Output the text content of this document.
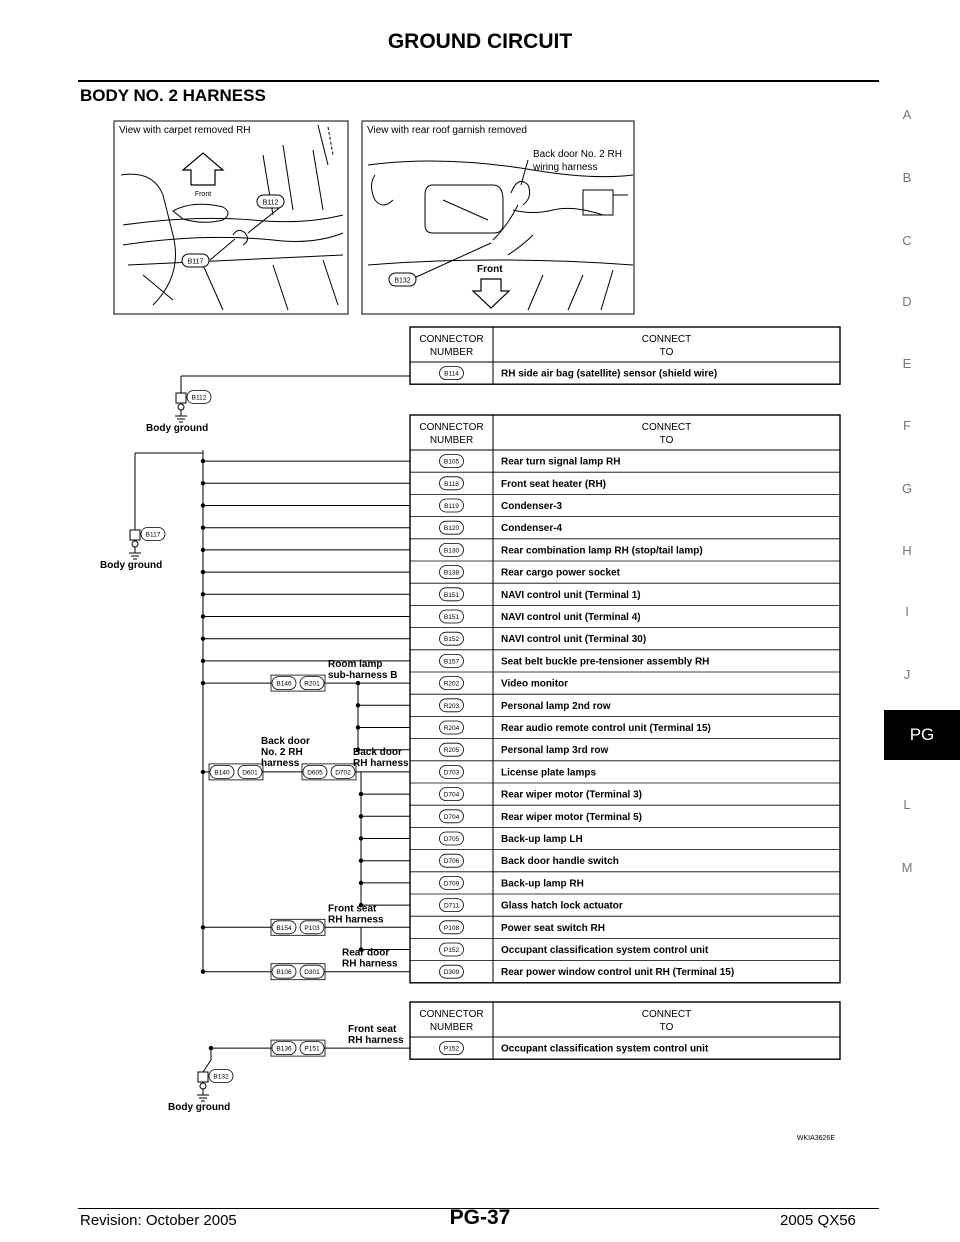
GROUND CIRCUIT
BODY NO. 2 HARNESS
A
B
C
D
E
F
G
H
I
J
L
M
View with carpet removed RH
Front
B112
B117
View with rear roof garnish removed
Back door No. 2 RH
wiring harness
Front
B132
CONNECTOR
NUMBER
CONNECT
TO
B114	RH side air bag (satellite) sensor (shield wire)
CONNECTOR
NUMBER
CONNECT
TO
B105	Rear turn signal lamp RH
B118	Front seat heater (RH)
B119	Condenser-3
B120	Condenser-4
B130	Rear combination lamp RH (stop/tail lamp)
B138	Rear cargo power socket
B151	NAVI control unit (Terminal 1)
B151	NAVI control unit (Terminal 4)
B152	NAVI control unit (Terminal 30)
B157	Seat belt buckle pre-tensioner assembly RH
R202	Video monitor
R203	Personal lamp 2nd row
R204	Rear audio remote control unit (Terminal 15)
R205	Personal lamp 3rd row
D703	License plate lamps
D704	Rear wiper motor (Terminal 3)
D704	Rear wiper motor (Terminal 5)
D705	Back-up lamp LH
D706	Back door handle switch
D709	Back-up lamp RH
D711	Glass hatch lock actuator
P108	Power seat switch RH
P152	Occupant classification system control unit
D309	Rear power window control unit RH (Terminal 15)
CONNECTOR
NUMBER
CONNECT
TO
P152	Occupant classification system control unit
B112
Body ground
B117
Body ground
B146 R201
Room lamp
sub-harness B
B140 D601
Back door
No. 2 RH
harness
D605 D702
Back door
RH harness
B154 P103
Front seat
RH harness
B106 D301
Rear door
RH harness
B132
Body ground
B136 P151
Front seat
RH harness
WKIA3626E
PG
Revision: October 2005	PG-37	2005 QX56
